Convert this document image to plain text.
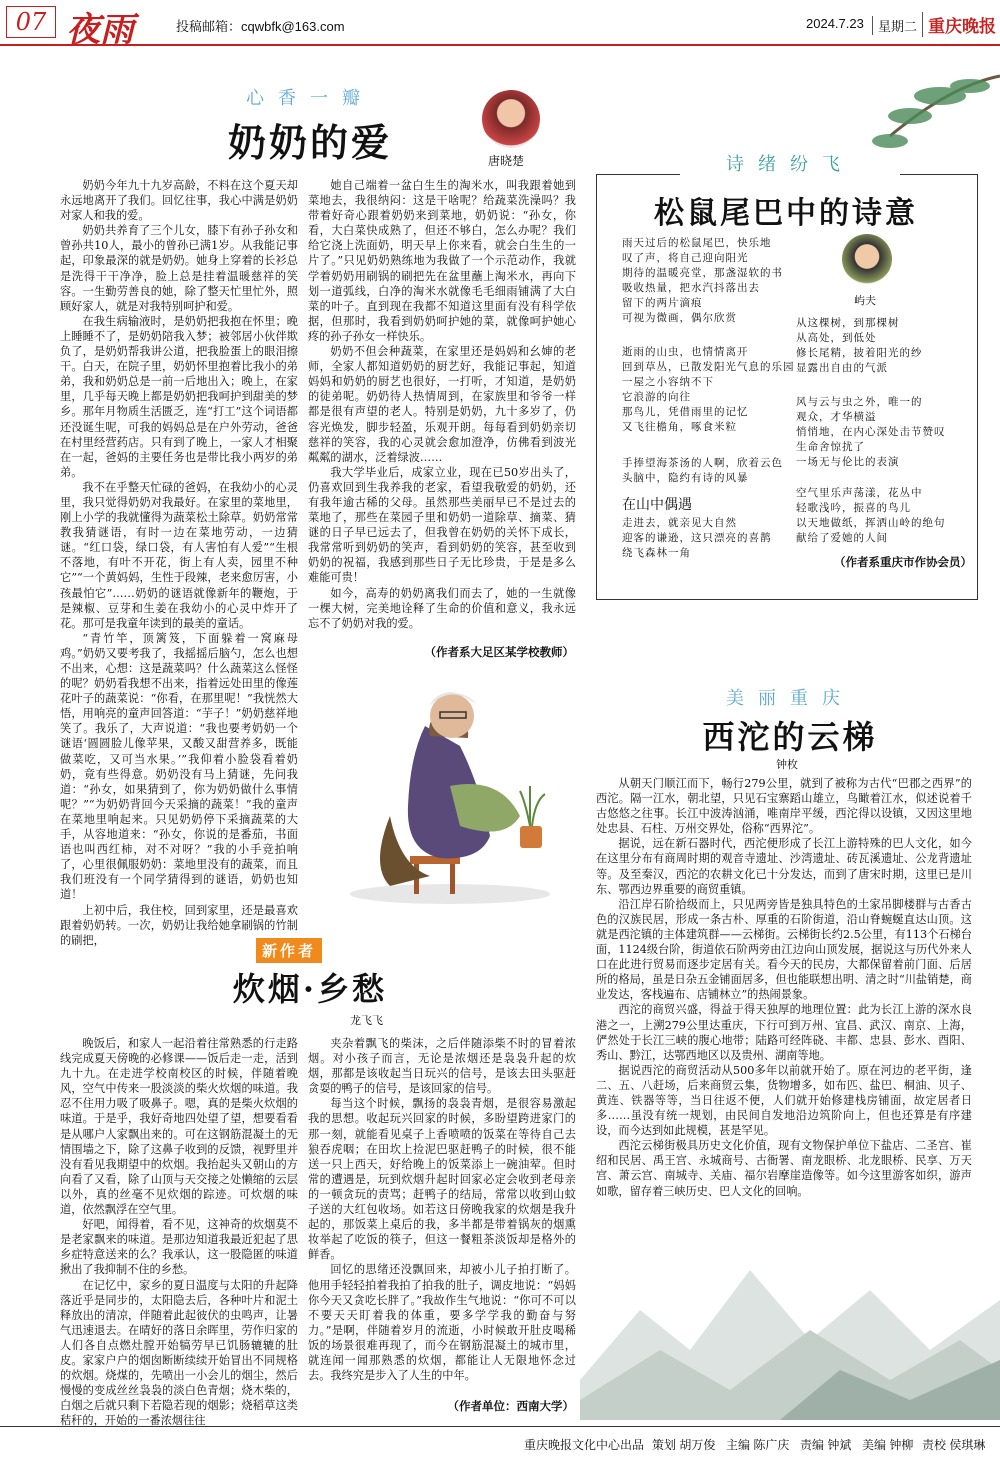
07 夜雨	投稿邮箱：cqwbfk@163.com	2024.7.23	星期二 重庆晚报
心香一瓣
奶奶的爱	唐晓楚

奶奶今年九十九岁高龄，不料在这个夏天却永远地离开了我们。回忆往事，我心中满是奶奶对家人和我的爱。

奶奶共养育了三个儿女，膝下有孙子孙女和曾孙共10人，最小的曾孙已满1岁。从我能记事起，印象最深的就是奶奶。她身上穿着的长衫总是洗得干干净净，脸上总是挂着温暖慈祥的笑容。一生勤劳善良的她，除了整天忙里忙外，照顾好家人，就是对我特别呵护和爱。

在我生病输液时，是奶奶把我抱在怀里；晚上睡睡不了，是奶奶陪我入梦；被邻居小伙伴欺负了，是奶奶帮我讲公道，把我脸蛋上的眼泪擦干。白天，在院子里，奶奶怀里抱着比我小的弟弟，我和奶奶总是一前一后地出入；晚上，在家里，几乎每天晚上都是奶奶把我呵护到甜美的梦乡。那年月物质生活匮乏，连“打工”这个词语都还没诞生呢，可我的妈妈总是在户外劳动，爸爸在村里经营药店。只有到了晚上，一家人才相聚在一起，爸妈的主要任务也是带比我小两岁的弟弟。

我不在乎整天忙碌的爸妈，在我幼小的心灵里，我只觉得奶奶对我最好。在家里的菜地里，刚上小学的我就懂得为蔬菜松土除草。奶奶常常教我猜谜语，有时一边在菜地劳动，一边猜谜。“红口袋，绿口袋，有人害怕有人爱”“生根不落地，有叶不开花，街上有人卖，园里不种它”“一个黄妈妈，生性于段辣，老来愈厉害，小孩最怕它”……奶奶的谜语就像新年的鞭炮，于是辣椒、豆芽和生姜在我幼小的心灵中炸开了花。那可是我童年读到的最美的童话。

“青竹竿，顶篱笈，下面躲着一窝麻母鸡。”奶奶又要考我了，我摇摇后脑勺，怎么也想不出来，心想：这是蔬菜吗？什么蔬菜这么怪怪的呢？奶奶看我想不出来，指着远处田里的像莲花叶子的蔬菜说：“你看，在那里呢！”我恍然大悟，用响亮的童声回答道：“芋子！”奶奶慈祥地笑了。我乐了，大声说道：“我也要考奶奶一个谜语‘圆圆脸儿像苹果，又酸又甜营养多，既能做菜吃，又可当水果。’”我仰着小脸袋看着奶奶，竟有些得意。奶奶没有马上猜谜，先问我道：“孙女，如果猜到了，你为奶奶做什么事情呢？”“为奶奶背回今天采摘的蔬菜！”我的童声在菜地里响起来。只见奶奶停下采摘蔬菜的大手，从容地道来：“孙女，你说的是番茄，书面语也叫西红柿，对不对呀？”我的小手竞拍响了，心里很佩服奶奶：菜地里没有的蔬菜，而且我们班没有一个同学猜得到的谜语，奶奶也知道！

上初中后，我住校，回到家里，还是最喜欢跟着奶奶转。一次，奶奶让我给她拿刷锅的竹制的刷把，

她自己端着一盆白生生的淘米水，叫我跟着她到菜地去，我很纳闷：这是干啥呢？给蔬菜洗澡吗？我带着好奇心跟着奶奶来到菜地，奶奶说：“孙女，你看，大白菜快成熟了，但还不够白，怎么办呢？我们给它浇上洗面奶，明天早上你来看，就会白生生的一片了。”只见奶奶熟练地为我做了一个示范动作，我就学着奶奶用刷锅的刷把先在盆里蘸上淘米水，再向下划一道弧线，白净的淘米水就像毛毛细雨铺满了大白菜的叶子。直到现在我都不知道这里面有没有科学依据，但那时，我看到奶奶呵护她的菜，就像呵护她心疼的孙子孙女一样快乐。

奶奶不但会种蔬菜，在家里还是妈妈和幺婶的老师，全家人都知道奶奶的厨艺好，我能记事起，知道妈妈和奶奶的厨艺也很好，一打听，才知道，是奶奶的徒弟呢。奶奶待人热情周到，在家族里和爷爷一样都是很有声望的老人。特别是奶奶，九十多岁了，仍容光焕发，脚步轻盈，乐观开朗。每每看到奶奶亲切慈祥的笑容，我的心灵就会愈加澄净，仿佛看到波光粼粼的湖水，泛着绿波……

我大学毕业后，成家立业，现在已50岁出头了，仍喜欢回到生我养我的老家，看望我敬爱的奶奶，还有我年逾古稀的父母。虽然那些美丽早已不是过去的菜地了，那些在菜园子里和奶奶一道除草、摘菜、猜谜的日子早已远去了，但我曾在奶奶的关怀下成长，我常常听到奶奶的笑声，看到奶奶的笑容，甚至收到奶奶的祝福，我感到那些日子无比珍贵，于是是多么难能可贵！

如今，高寿的奶奶离我们而去了，她的一生就像一棵大树，完美地诠释了生命的价值和意义，我永远忘不了奶奶对我的爱。

（作者系大足区某学校教师）
新作者
炊烟·乡愁
龙飞飞

晚饭后，和家人一起沿着往常熟悉的行走路线完成夏天傍晚的必修课——饭后走一走，活到九十九。在走进学校南校区的时候，伴随着晚风，空气中传来一股淡淡的柴火炊烟的味道。我忍不住用力吸了吸鼻子。嗯，真的是柴火炊烟的味道。于是乎，我好奇地四处望了望，想要看看是从哪户人家飘出来的。可在这钢筋混凝土的无情围墙之下，除了这鼻子收到的反馈，视野里并没有看见我期望中的炊烟。我抬起头又朝山的方向看了又看，除了山顶与天交接之处懒缩的云层以外，真的丝毫不见炊烟的踪迹。可炊烟的味道，依然飘浮在空气里。

好吧，闻得着，看不见，这神奇的炊烟莫不是老家飘来的味道。是那边知道我最近犯起了思乡症特意送来的么？我承认，这一股隐匿的味道揪出了我抑制不住的乡愁。

在记忆中，家乡的夏日温度与太阳的升起降落近乎是同步的，太阳隐去后，各种叶片和泥土释放出的清凉，伴随着此起彼伏的虫鸣声，让暑气迅速退去。在晴好的落日余晖里，劳作归家的人们各自点燃灶膛开始犒劳早已饥肠辘辘的肚皮。家家户户的烟囱断断续续开始冒出不同规格的炊烟。烧煤的，先喷出一小会儿的烟尘，然后慢慢的变成丝丝袅袅的淡白色青烟；烧木柴的，白烟之后就只剩下若隐若现的烟影；烧稻草这类秸秆的，开始的一番浓烟往往

夹杂着飘飞的柴沫，之后伴随添柴不时的冒着浓烟。对小孩子而言，无论是浓烟还是袅袅升起的炊烟，那都是该收起当日玩兴的信号，是该去田头驱赶贪耍的鸭子的信号，是该回家的信号。

每当这个时候，飘扬的袅袅青烟，是很容易激起我的思想。收起玩兴回家的时候，多盼望跨进家门的那一刻，就能看见桌子上香喷喷的饭菜在等待自己去狼吞虎咽；在田坎上捡泥巴驱赶鸭子的时候，很不能送一只上西天，好给晚上的饭菜添上一碗油荤。但时常的遭遇是，玩到炊烟升起时回家必定会收到老母亲的一顿贪玩的责骂；赶鸭子的结局，常常以收到山蚊子送的大红包收场。如若这日傍晚我家的炊烟是我升起的，那饭菜上桌后的我，多半都是带着锅灰的烟熏妆举起了吃饭的筷子，但这一餐粗茶淡饭却是格外的鲜香。

回忆的思绪还没飘回来，却被小儿子拍打断了。他用手轻轻拍着我拍了拍我的肚子，调皮地说：“妈妈你今天又贪吃长胖了。”我故作生气地说：“你可不可以不要天天盯着我的体重，要多学学我的勤奋与努力。”是啊，伴随着岁月的流逝，小时候敢开肚皮喝稀饭的场景很难再现了，而今在钢筋混凝土的城市里，就连闻一闻那熟悉的炊烟，都能让人无限地怀念过去。我终究是步入了人生的中年。

（作者单位：西南大学）
诗绪纷飞
松鼠尾巴中的诗意
屿夫
雨天过后的松鼠尾巴，快乐地
叹了声，将自己迎向阳光
期待的温暖亮堂，那盏湿软的书
吸收热量，把水汽抖落出去
留下的两片滴痕
可视为微画，偶尔欣赏
逝雨的山虫，也情情离开
回到草丛，已散发阳光气息的乐园
一屋之小容纳不下
它浪游的向往
那鸟儿，凭借雨里的记忆
又飞往檐角，啄食米粒
手捧望海茶汤的人啊，欣着云色
头脑中，隐约有诗的风暴
在山中偶遇
走进去，就亲见大自然
迎客的谦逊，这只漂亮的喜鹊
绕飞森林一角
从这棵树，到那棵树
从高处，到低处
修长尾精，披着阳光的纱
显露出自由的气派
风与云与虫之外，唯一的
观众，才华横溢
悄悄地，在内心深处击节赞叹
生命舍惊扰了
一场无与伦比的表演
空气里乐声荡漾，花丛中
轻歌浅吟，振喜的鸟儿
以天地做纸，挥洒山岭的绝句
献给了爱她的人间
（作者系重庆市作协会员）
美丽重庆
西沱的云梯
钟枚

从朝天门顺江而下，畅行279公里，就到了被称为古代“巴郡之西界”的西沱。隔一江水，朝北望，只见石宝寨蹈山雄立，鸟瞰着江水，似述说着千古悠悠之往事。长江中波涛汹涌，唯南岸平缓，西沱得以设镇，又因这里地处忠县、石柱、万州交界处，俗称“西界沱”。

据说，远在新石器时代，西沱便形成了长江上游特殊的巴人文化，如今在这里分布有商周时期的观音寺遗址、沙湾遗址、砖瓦溪遗址、公龙背遗址等。及至秦汉，西沱的农耕文化已十分发达，而到了唐宋时期，这里已是川东、鄂西边界重要的商贸重镇。

沿江岸石阶拾级而上，只见两旁皆是独具特色的土家吊脚楼群与古香古色的汉族民居，形成一条古朴、厚重的石阶街道，沿山脊蜿蜒直达山顶。这就是西沱镇的主体建筑群——云梯街。云梯街长约2.5公里，有113个石梯台面，1124级台阶，街道依石阶两旁由江边向山顶发展，据说这与历代外来人口在此进行贸易而逐步定居有关。看今天的民房，大都保留着前门面、后居所的格局，虽是日杂五金铺面居多，但也能联想出明、清之时“川盐销楚，商业发达，客栈遍布、店铺林立”的热闹景象。

西沱的商贸兴盛，得益于得天独厚的地理位置：此为长江上游的深水良港之一，上溯279公里达重庆，下行可到万州、宜昌、武汉、南京、上海，俨然处于长江三峡的腹心地带；陆路可经阵硗、丰都、忠县、彭水、酉阳、秀山、黔江，达鄂西地区以及贵州、湖南等地。

据说西沱的商贸活动从500多年以前就开始了。原在河边的老平街，逢二、五、八赶场，后来商贸云集，货物增多，如布匹、盐巴、桐油、贝子、黄连、铁器等等，当日往返不便，人们就开始修建栈房铺面，故定居者日多……虽没有统一规划，由民间自发地沿边筑阶向上，但也还算是有序建设，而今达到如此规模，甚是罕见。

西沱云梯街极具历史文化价值，现有文物保护单位下盐店、二圣宫、崔绍和民居、禹王宫、永城商号、古衙署、南龙眼桥、北龙眼桥、民享、万天宫、萧云宫、南城寺、关庙、福尔岩摩崖造像等。如今这里游客如织，游声如歌，留存着三峡历史、巴人文化的回响。

重庆晚报文化中心出品 策划 胡万俊 主编 陈广庆 责编 钟斌 美编 钟柳 责校 侯琪琳
